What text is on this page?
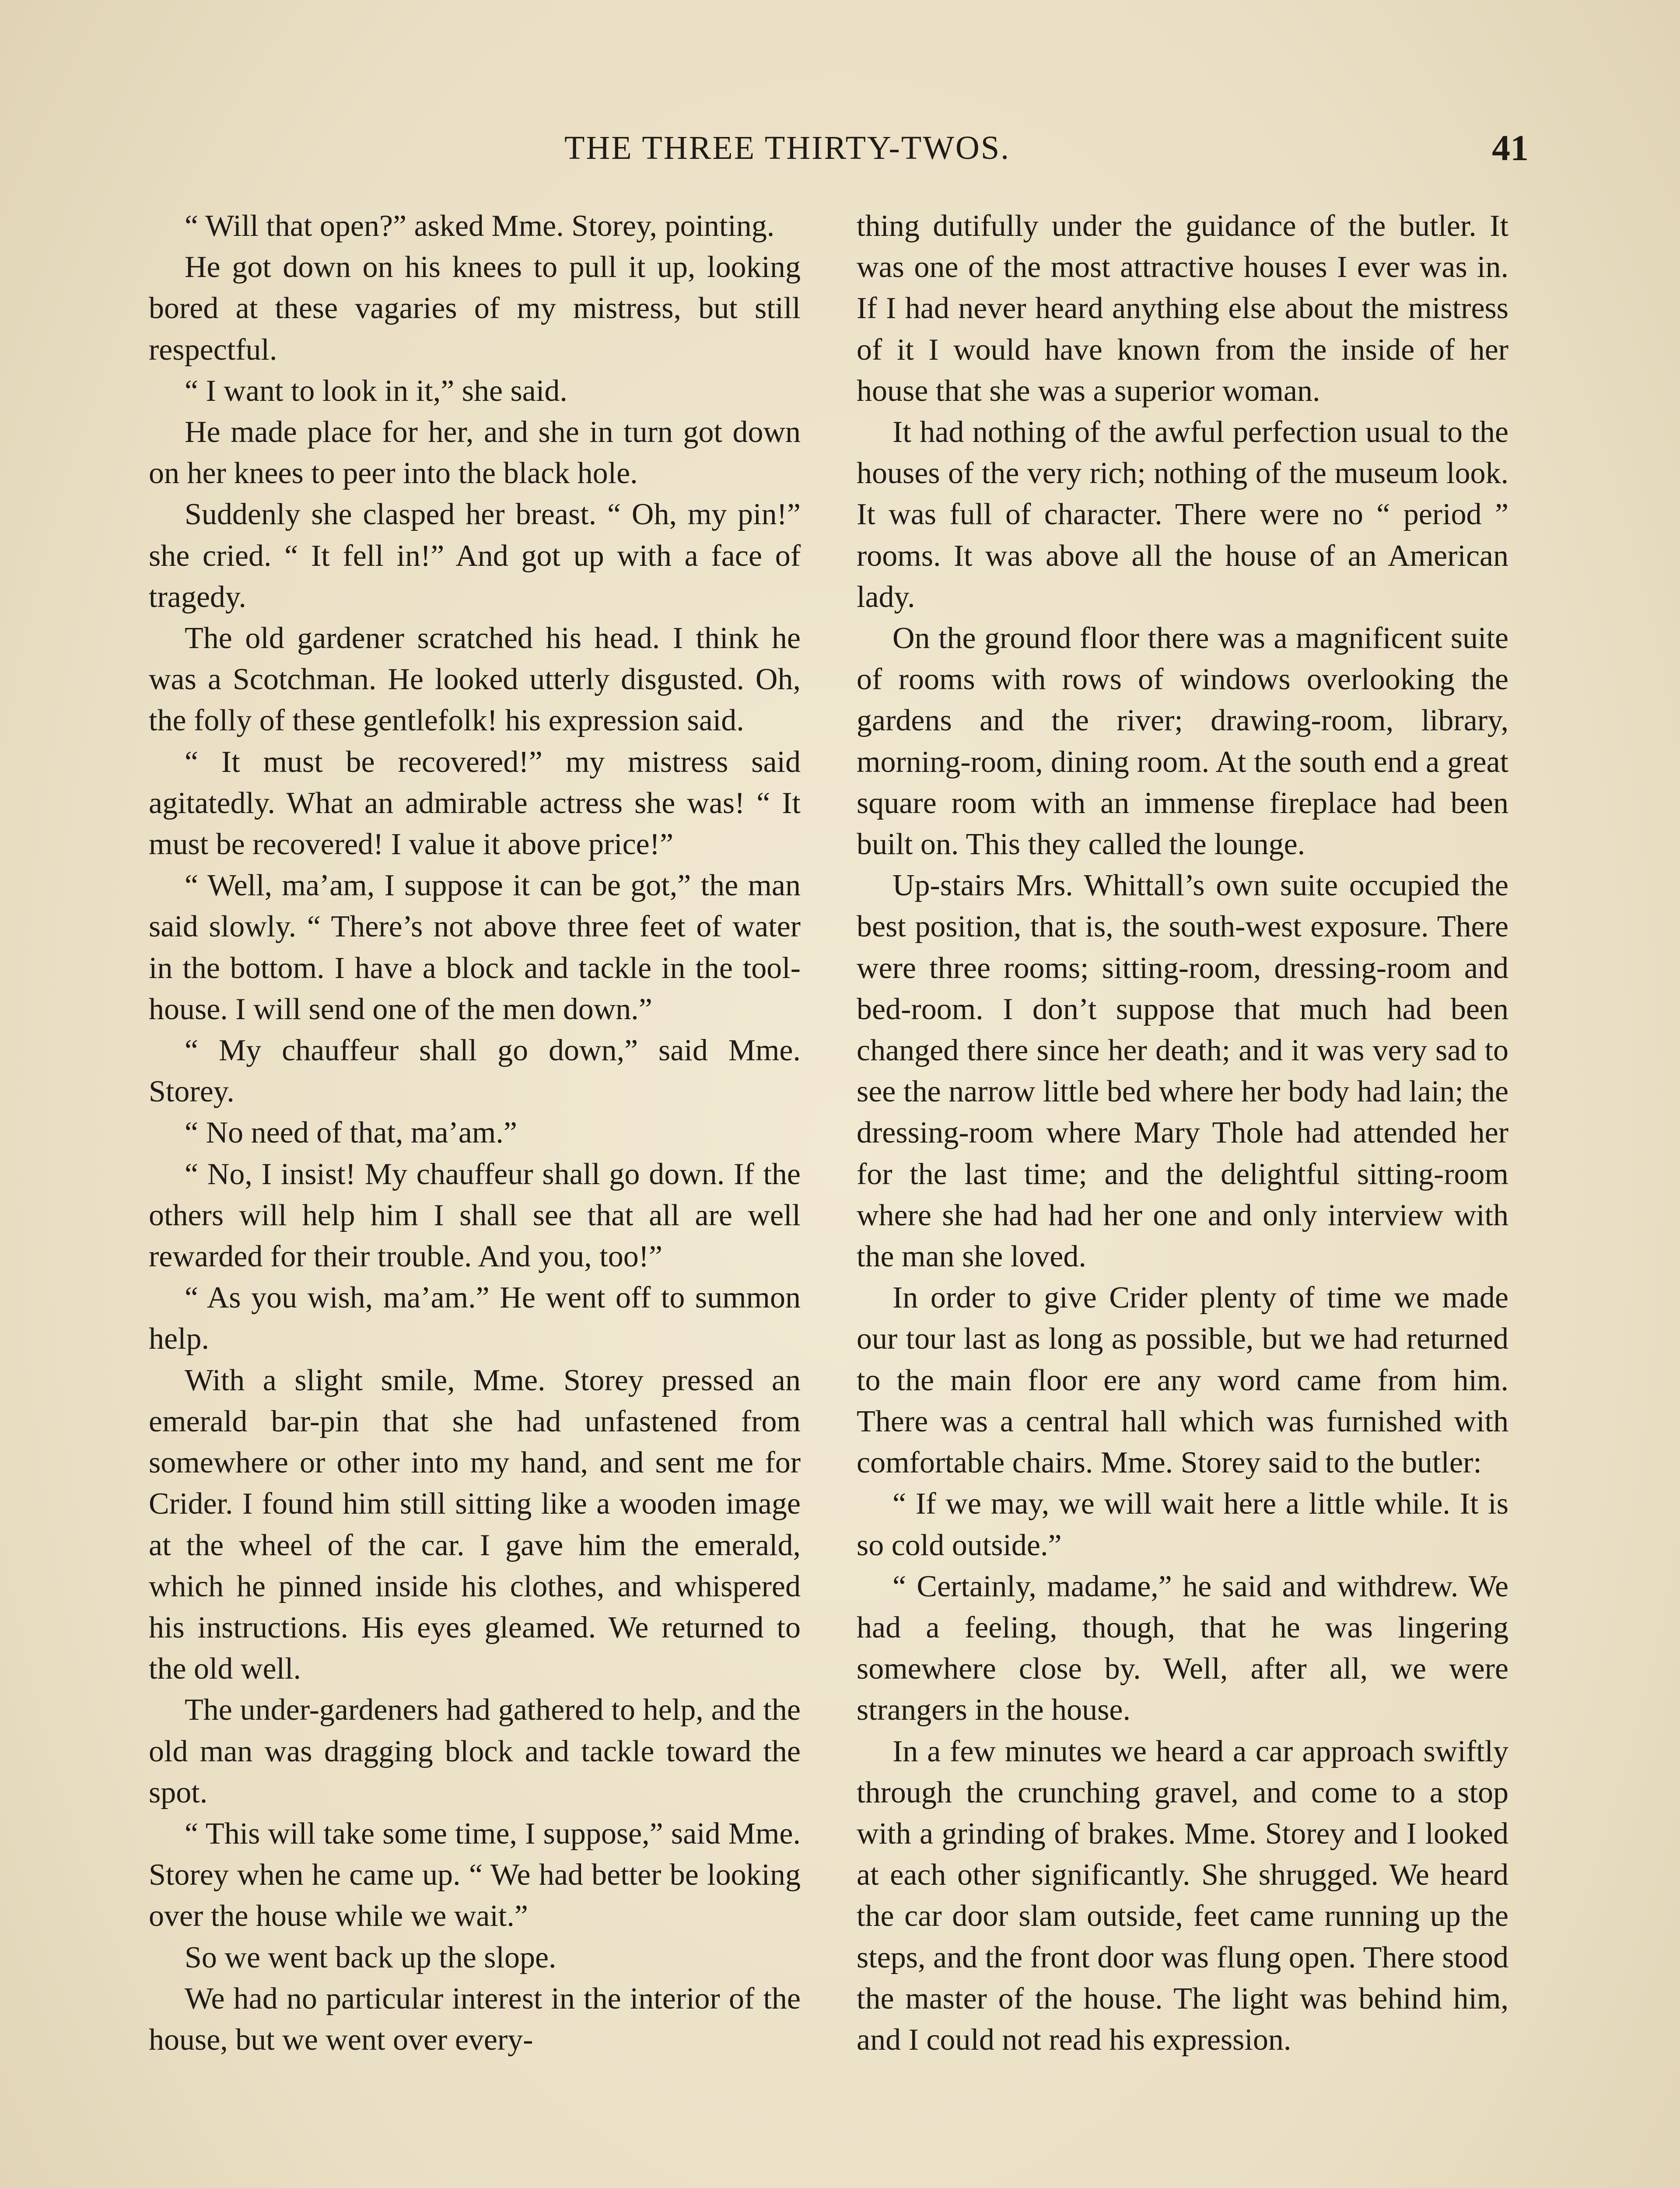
THE THREE THIRTY-TWOS.	41

“ Will that open?” asked Mme. Storey, pointing.

He got down on his knees to pull it up, looking bored at these vagaries of my mistress, but still respectful.

“ I want to look in it,” she said.

He made place for her, and she in turn got down on her knees to peer into the black hole.

Suddenly she clasped her breast. “ Oh, my pin!” she cried. “ It fell in!” And got up with a face of tragedy.

The old gardener scratched his head. I think he was a Scotchman. He looked utterly disgusted. Oh, the folly of these gentlefolk! his expression said.

“ It must be recovered!” my mistress said agitatedly. What an admirable actress she was! “ It must be recovered! I value it above price!”

“ Well, ma’am, I suppose it can be got,” the man said slowly. “ There’s not above three feet of water in the bottom. I have a block and tackle in the tool-house. I will send one of the men down.”

“ My chauffeur shall go down,” said Mme. Storey.

“ No need of that, ma’am.”

“ No, I insist! My chauffeur shall go down. If the others will help him I shall see that all are well rewarded for their trouble. And you, too!”

“ As you wish, ma’am.” He went off to summon help.

With a slight smile, Mme. Storey pressed an emerald bar-pin that she had unfastened from somewhere or other into my hand, and sent me for Crider. I found him still sitting like a wooden image at the wheel of the car. I gave him the emerald, which he pinned inside his clothes, and whispered his instructions. His eyes gleamed. We returned to the old well.

The under-gardeners had gathered to help, and the old man was dragging block and tackle toward the spot.

“ This will take some time, I suppose,” said Mme. Storey when he came up. “ We had better be looking over the house while we wait.”

So we went back up the slope.

We had no particular interest in the interior of the house, but we went over every-

thing dutifully under the guidance of the butler. It was one of the most attractive houses I ever was in. If I had never heard anything else about the mistress of it I would have known from the inside of her house that she was a superior woman.

It had nothing of the awful perfection usual to the houses of the very rich; nothing of the museum look. It was full of character. There were no “ period ” rooms. It was above all the house of an American lady.

On the ground floor there was a magnificent suite of rooms with rows of windows overlooking the gardens and the river; drawing-room, library, morning-room, dining room. At the south end a great square room with an immense fireplace had been built on. This they called the lounge.

Up-stairs Mrs. Whittall’s own suite occupied the best position, that is, the south-west exposure. There were three rooms; sitting-room, dressing-room and bed-room. I don’t suppose that much had been changed there since her death; and it was very sad to see the narrow little bed where her body had lain; the dressing-room where Mary Thole had attended her for the last time; and the delightful sitting-room where she had had her one and only interview with the man she loved.

In order to give Crider plenty of time we made our tour last as long as possible, but we had returned to the main floor ere any word came from him. There was a central hall which was furnished with comfortable chairs. Mme. Storey said to the butler:

“ If we may, we will wait here a little while. It is so cold outside.”

“ Certainly, madame,” he said and withdrew. We had a feeling, though, that he was lingering somewhere close by. Well, after all, we were strangers in the house.

In a few minutes we heard a car approach swiftly through the crunching gravel, and come to a stop with a grinding of brakes. Mme. Storey and I looked at each other significantly. She shrugged. We heard the car door slam outside, feet came running up the steps, and the front door was flung open. There stood the master of the house. The light was behind him, and I could not read his expression.
